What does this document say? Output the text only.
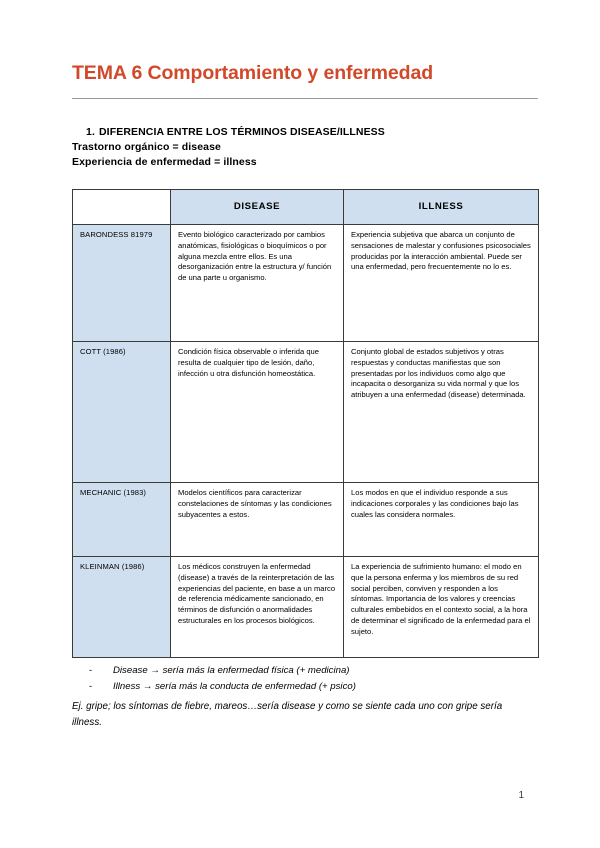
TEMA 6 Comportamiento y enfermedad
1. DIFERENCIA ENTRE LOS TÉRMINOS DISEASE/ILLNESS
Trastorno orgánico = disease
Experiencia de enfermedad = illness
	DISEASE	ILLNESS
BARONDESS 81979	Evento biológico caracterizado por cambios anatómicas, fisiológicas o bioquímicos o por alguna mezcla entre ellos. Es una desorganización entre la estructura y/ función de una parte u organismo.	Experiencia subjetiva que abarca un conjunto de sensaciones de malestar y confusiones psicosociales producidas por la interacción ambiental. Puede ser una enfermedad, pero frecuentemente no lo es.
COTT (1986)	Condición física observable o inferida que resulta de cualquier tipo de lesión, daño, infección u otra disfunción homeostática.	Conjunto global de estados subjetivos y otras respuestas y conductas manifiestas que son presentadas por los individuos como algo que incapacita o desorganiza su vida normal y que los atribuyen a una enfermedad (disease) determinada.
MECHANIC (1983)	Modelos científicos para caracterizar constelaciones de síntomas y las condiciones subyacentes a estos.	Los modos en que el individuo responde a sus indicaciones corporales y las condiciones bajo las cuales las considera normales.
KLEINMAN (1986)	Los médicos construyen la enfermedad (disease) a través de la reinterpretación de las experiencias del paciente, en base a un marco de referencia médicamente sancionado, en términos de disfunción o anormalidades estructurales en los procesos biológicos.	La experiencia de sufrimiento humano: el modo en que la persona enferma y los miembros de su red social perciben, conviven y responden a los síntomas. Importancia de los valores y creencias culturales embebidos en el contexto social, a la hora de determinar el significado de la enfermedad para el sujeto.
-	Disease → sería más la enfermedad física (+ medicina)
-	Illness → sería más la conducta de enfermedad (+ psico)
Ej. gripe; los síntomas de fiebre, mareos…sería disease y como se siente cada uno con gripe sería illness.
1
